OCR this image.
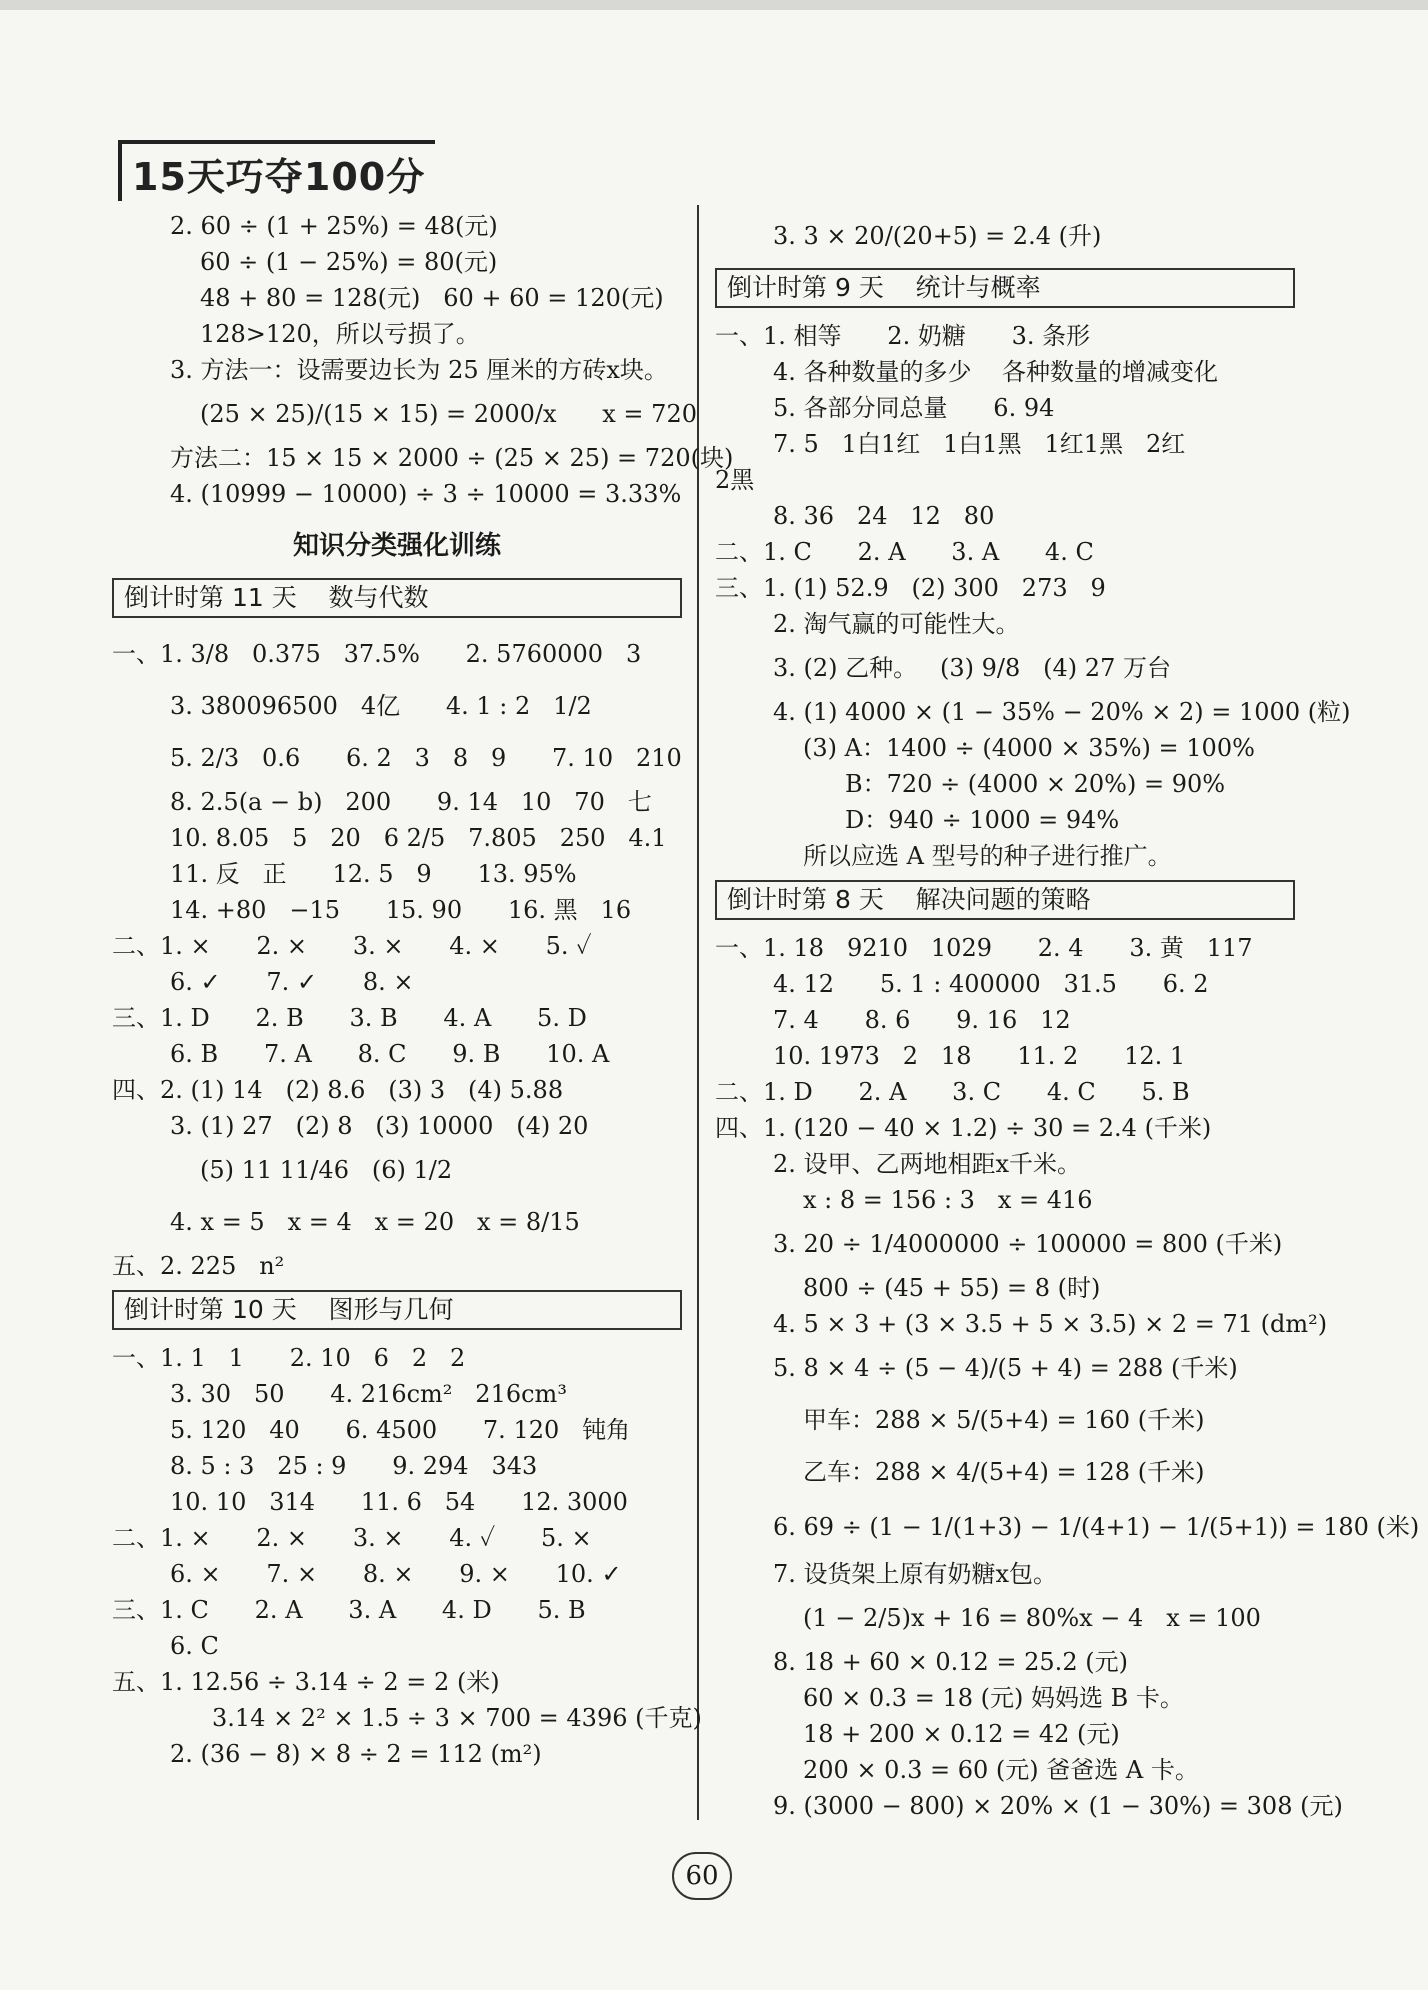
15天巧夺100分
2. 60 ÷ (1 + 25%) = 48(元)
60 ÷ (1 − 25%) = 80(元)
48 + 80 = 128(元)   60 + 60 = 120(元)
128>120，所以亏损了。
3. 方法一：设需要边长为 25 厘米的方砖x块。
(25 × 25)/(15 × 15) = 2000/x      x = 720
方法二：15 × 15 × 2000 ÷ (25 × 25) = 720(块)
4. (10999 − 10000) ÷ 3 ÷ 10000 = 3.33%
知识分类强化训练
倒计时第 11 天    数与代数
一、1. 3/8   0.375   37.5%      2. 5760000   3
3. 380096500   4亿      4. 1 : 2   1/2
5. 2/3   0.6      6. 2   3   8   9      7. 10   210
8. 2.5(a − b)   200      9. 14   10   70   七
10. 8.05   5   20   6 2/5   7.805   250   4.1
11. 反   正      12. 5   9      13. 95%
14. +80   −15      15. 90      16. 黑   16
二、1. ×      2. ×      3. ×      4. ×      5. ✓
6. ✓      7. ✓      8. ×
三、1. D      2. B      3. B      4. A      5. D
6. B      7. A      8. C      9. B      10. A
四、2. (1) 14   (2) 8.6   (3) 3   (4) 5.88
3. (1) 27   (2) 8   (3) 10000   (4) 20
(5) 11 11/46   (6) 1/2
4. x = 5   x = 4   x = 20   x = 8/15
五、2. 225   n²
倒计时第 10 天    图形与几何
一、1. 1   1      2. 10   6   2   2
3. 30   50      4. 216cm²   216cm³
5. 120   40      6. 4500      7. 120   钝角
8. 5 : 3   25 : 9      9. 294   343
10. 10   314      11. 6   54      12. 3000
二、1. ×      2. ×      3. ×      4. ✓      5. ×
6. ×      7. ×      8. ×      9. ×      10. ✓
三、1. C      2. A      3. A      4. D      5. B
6. C
五、1. 12.56 ÷ 3.14 ÷ 2 = 2 (米)
3.14 × 2² × 1.5 ÷ 3 × 700 = 4396 (千克)
2. (36 − 8) × 8 ÷ 2 = 112 (m²)
3. 3 × 20/(20+5) = 2.4 (升)
倒计时第 9 天    统计与概率
一、1. 相等      2. 奶糖      3. 条形
4. 各种数量的多少    各种数量的增减变化
5. 各部分同总量      6. 94
7. 5   1白1红   1白1黑   1红1黑   2红
2黑
8. 36   24   12   80
二、1. C      2. A      3. A      4. C
三、1. (1) 52.9   (2) 300   273   9
2. 淘气赢的可能性大。
3. (2) 乙种。   (3) 9/8   (4) 27 万台
4. (1) 4000 × (1 − 35% − 20% × 2) = 1000 (粒)
(3) A：1400 ÷ (4000 × 35%) = 100%
B：720 ÷ (4000 × 20%) = 90%
D：940 ÷ 1000 = 94%
所以应选 A 型号的种子进行推广。
倒计时第 8 天    解决问题的策略
一、1. 18   9210   1029      2. 4      3. 黄   117
4. 12      5. 1 : 400000   31.5      6. 2
7. 4      8. 6      9. 16   12
10. 1973   2   18      11. 2      12. 1
二、1. D      2. A      3. C      4. C      5. B
四、1. (120 − 40 × 1.2) ÷ 30 = 2.4 (千米)
2. 设甲、乙两地相距x千米。
x : 8 = 156 : 3   x = 416
3. 20 ÷ 1/4000000 ÷ 100000 = 800 (千米)
800 ÷ (45 + 55) = 8 (时)
4. 5 × 3 + (3 × 3.5 + 5 × 3.5) × 2 = 71 (dm²)
5. 8 × 4 ÷ (5 − 4)/(5 + 4) = 288 (千米)
甲车：288 × 5/(5+4) = 160 (千米)
乙车：288 × 4/(5+4) = 128 (千米)
6. 69 ÷ (1 − 1/(1+3) − 1/(4+1) − 1/(5+1)) = 180 (米)
7. 设货架上原有奶糖x包。
(1 − 2/5)x + 16 = 80%x − 4   x = 100
8. 18 + 60 × 0.12 = 25.2 (元)
60 × 0.3 = 18 (元) 妈妈选 B 卡。
18 + 200 × 0.12 = 42 (元)
200 × 0.3 = 60 (元) 爸爸选 A 卡。
9. (3000 − 800) × 20% × (1 − 30%) = 308 (元)
60
